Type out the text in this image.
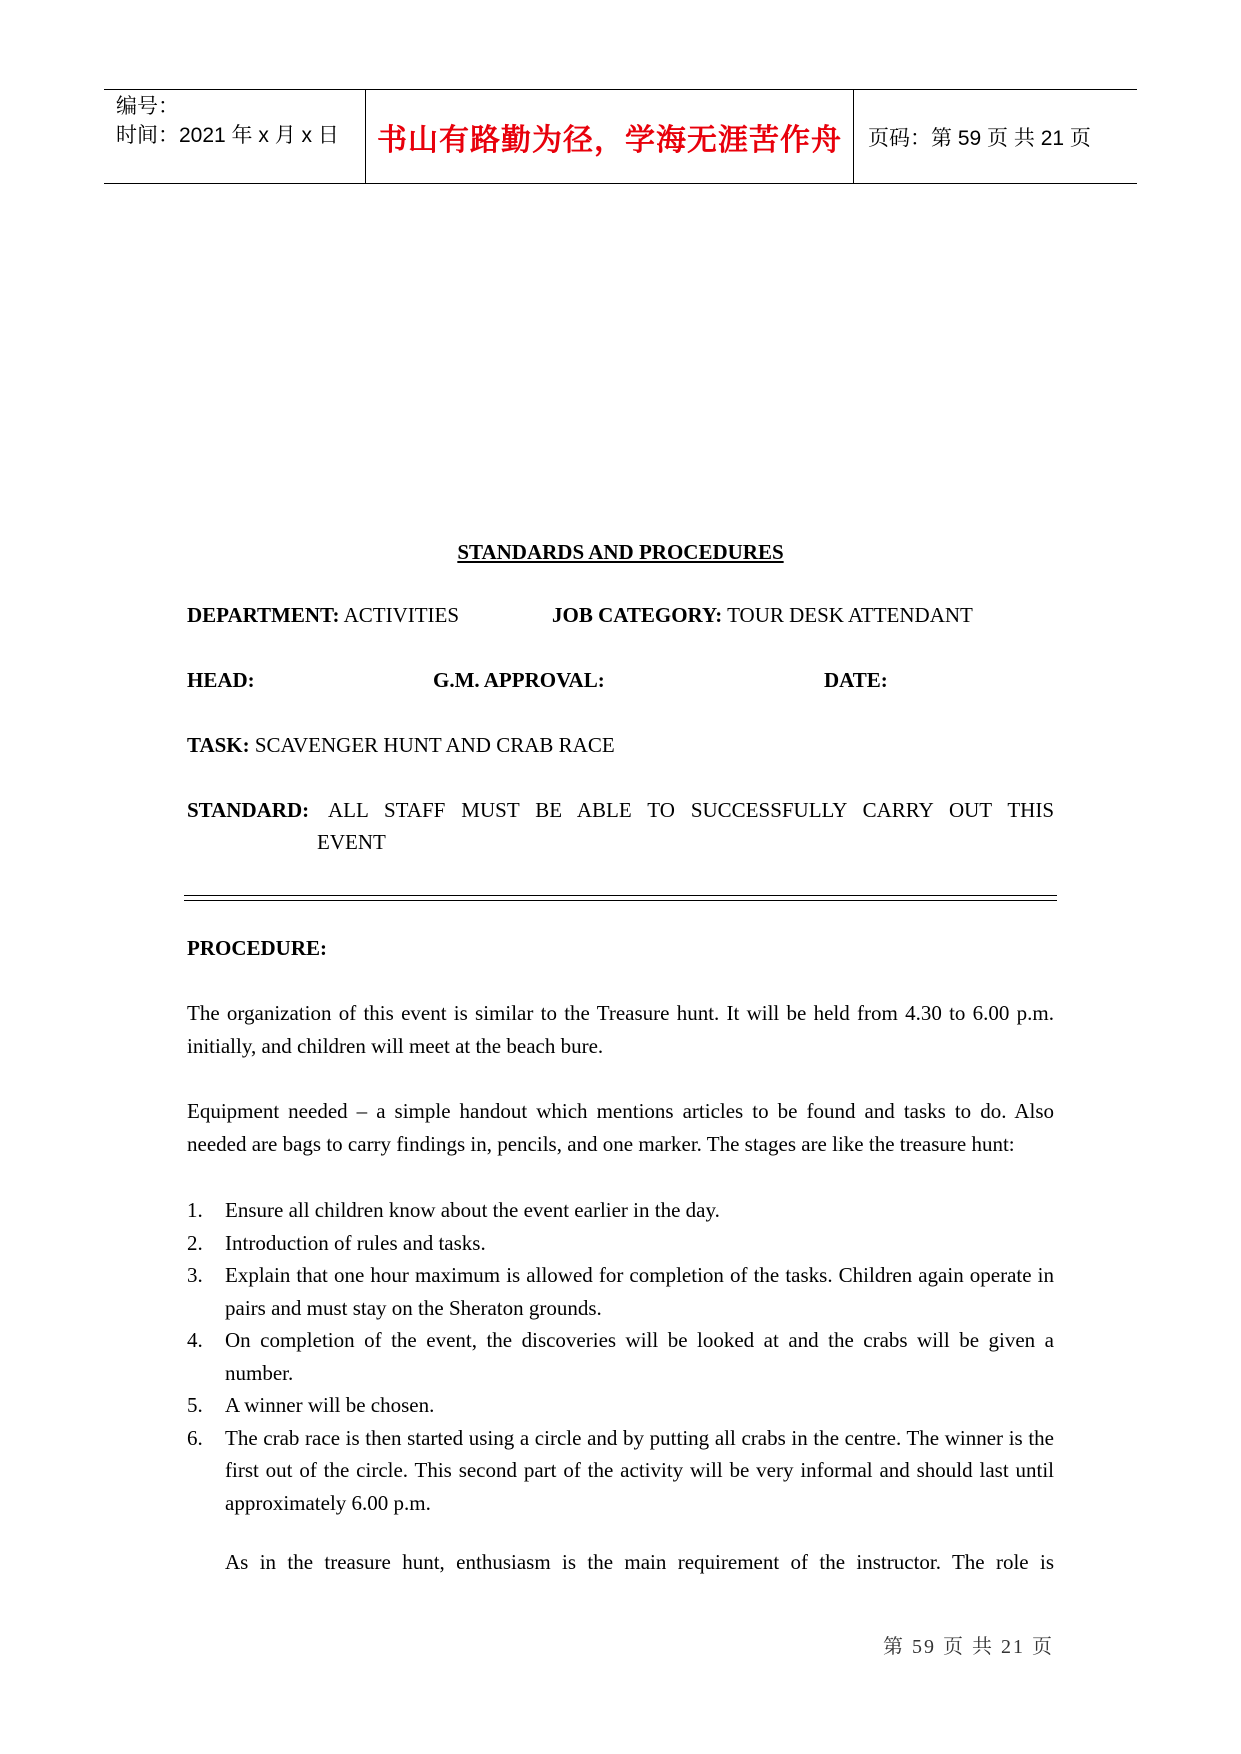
编号：
时间：2021 年 x 月 x 日	书山有路勤为径，学海无涯苦作舟	页码：第 59 页 共 21 页
STANDARDS AND PROCEDURES
DEPARTMENT: ACTIVITIES	JOB CATEGORY: TOUR DESK ATTENDANT
HEAD:	G.M. APPROVAL:	DATE:
TASK: SCAVENGER HUNT AND CRAB RACE
STANDARD: ALL STAFF MUST BE ABLE TO SUCCESSFULLY CARRY OUT THIS
EVENT
PROCEDURE:
The organization of this event is similar to the Treasure hunt. It will be held from 4.30 to 6.00 p.m. initially, and children will meet at the beach bure.
Equipment needed – a simple handout which mentions articles to be found and tasks to do. Also needed are bags to carry findings in, pencils, and one marker. The stages are like the treasure hunt:
1. Ensure all children know about the event earlier in the day.
2. Introduction of rules and tasks.
3. Explain that one hour maximum is allowed for completion of the tasks. Children again operate in pairs and must stay on the Sheraton grounds.
4. On completion of the event, the discoveries will be looked at and the crabs will be given a number.
5. A winner will be chosen.
6. The crab race is then started using a circle and by putting all crabs in the centre. The winner is the first out of the circle. This second part of the activity will be very informal and should last until approximately 6.00 p.m.
As in the treasure hunt, enthusiasm is the main requirement of the instructor. The role is
第 59 页 共 21 页
